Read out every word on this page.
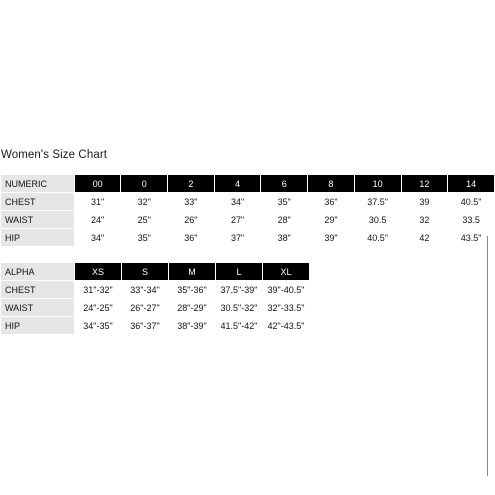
Women's Size Chart
NUMERIC	00	0	2	4	6	8	10	12	14
CHEST	31"	32"	33"	34"	35"	36"	37.5"	39	40.5"
WAIST	24"	25"	26"	27"	28"	29"	30.5	32	33.5
HIP	34"	35"	36"	37"	38"	39"	40.5"	42	43.5"
ALPHA	XS	S	M	L	XL
CHEST	31"-32"	33"-34"	35"-36"	37.5"-39"	39"-40.5"
WAIST	24"-25"	26"-27"	28"-29"	30.5"-32"	32"-33.5"
HIP	34"-35"	36"-37"	38"-39"	41.5"-42"	42"-43.5"
